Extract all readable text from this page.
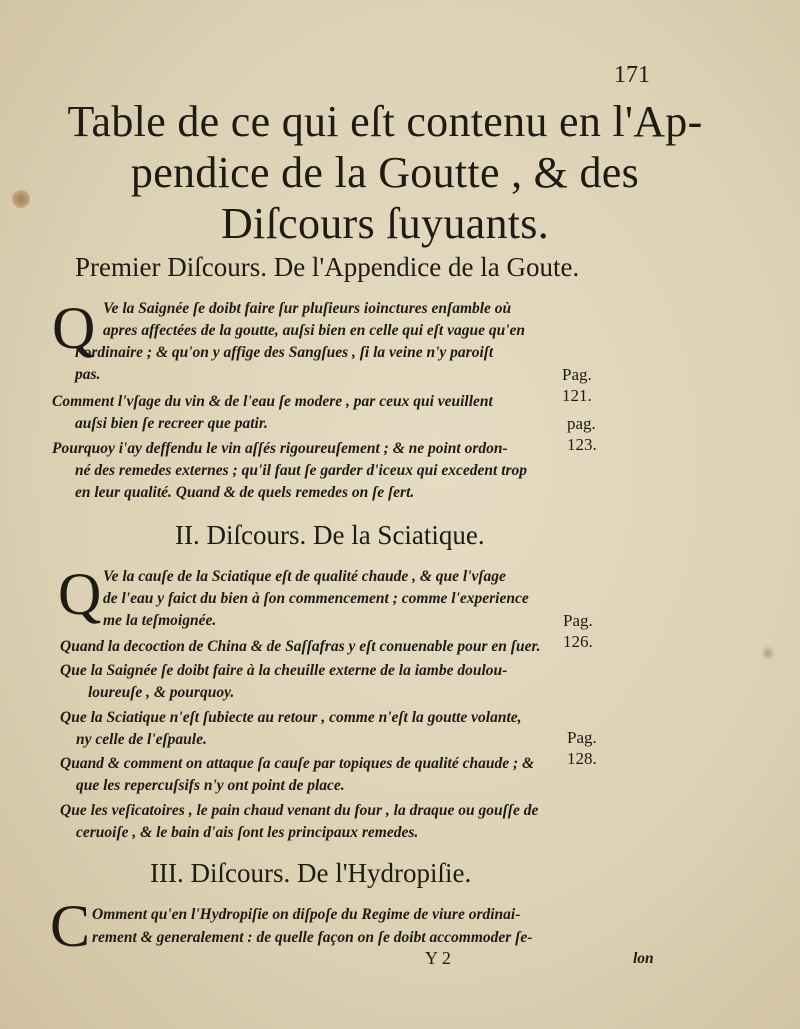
171
Table de ce qui eſt contenu en l'Ap-
pendice de la Goutte , & des
Diſcours ſuyuants.
Premier Diſcours. De l'Appendice de la Goute.
Q Ve la Saignée ſe doibt faire ſur pluſieurs ioinctures enſamble où
apres affectées de la goutte, auſsi bien en celle qui eſt vague qu'en
l'ordinaire ; & qu'on y affige des Sangſues , ſi la veine n'y paroiſt
pas.	Pag. 121.
Comment l'vſage du vin & de l'eau ſe modere , par ceux qui veuillent
auſsi bien ſe recreer que patir.	pag. 123.
Pourquoy i'ay deffendu le vin aſſés rigoureuſement ; & ne point ordon-
né des remedes externes ; qu'il faut ſe garder d'iceux qui excedent trop
en leur qualité. Quand & de quels remedes on ſe ſert.
II. Diſcours. De la Sciatique.
Q Ve la cauſe de la Sciatique eſt de qualité chaude , & que l'vſage
de l'eau y faict du bien à ſon commencement ; comme l'experience
me la teſmoignée.	Pag. 126.
Quand la decoction de China & de Saſſafras y eſt conuenable pour en ſuer.
Que la Saignée ſe doibt faire à la cheuille externe de la iambe doulou-
loureuſe , & pourquoy.
Que la Sciatique n'eſt ſubiecte au retour , comme n'eſt la goutte volante,
ny celle de l'eſpaule.	Pag. 128.
Quand & comment on attaque ſa cauſe par topiques de qualité chaude ; &
que les repercuſsifs n'y ont point de place.
Que les veſicatoires , le pain chaud venant du four , la draque ou gouſſe de
ceruoiſe , & le bain d'ais ſont les principaux remedes.
III. Diſcours. De l'Hydropiſie.
C Omment qu'en l'Hydropiſie on diſpoſe du Regime de viure ordinai-
rement & generalement : de quelle façon on ſe doibt accommoder ſe-
Y 2	lon
